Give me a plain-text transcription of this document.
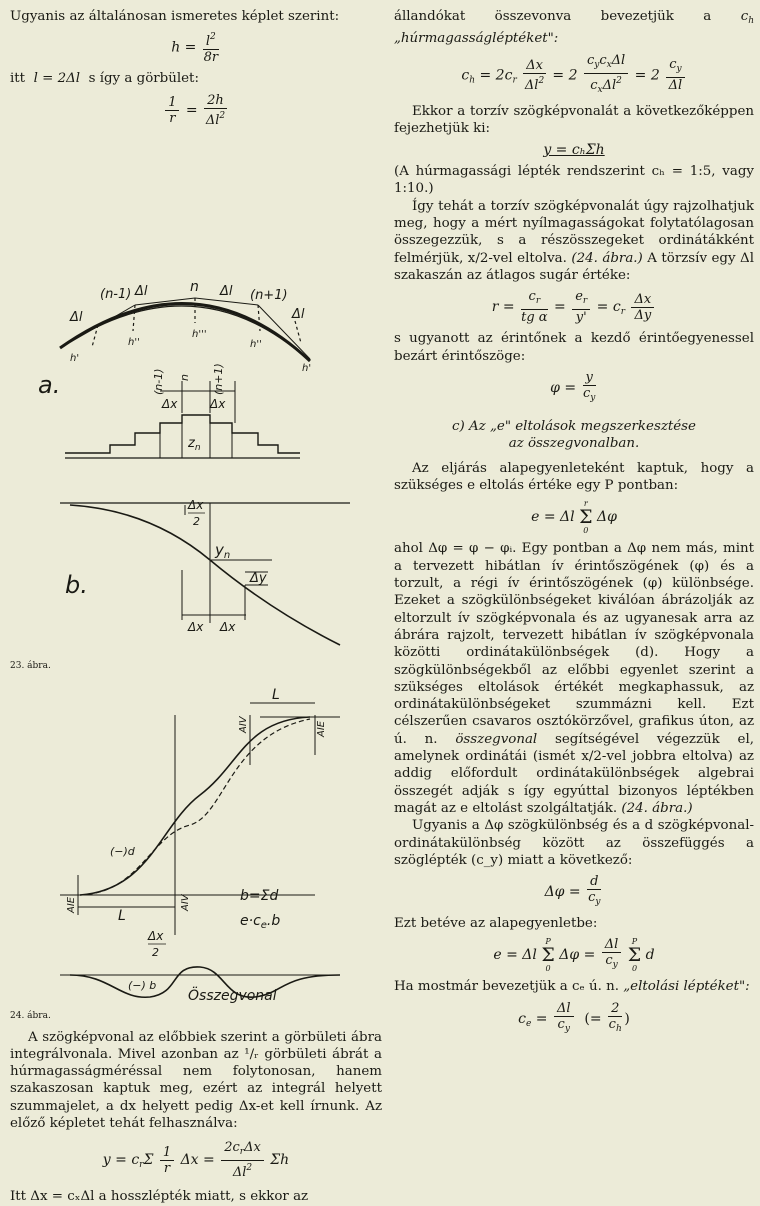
Ugyanis az általánosan ismeretes képlet szerint:

$h = \frac{l^2}{8r}$

itt l = 2Δl s így a görbület:

$\frac{1}{r} = \frac{2h}{\Delta l^2}$
(n-1)
Δl
Δl	n Δl (n+1)
Δl
h'
h''
h'''
h''
h'
a.	(n-1) n (n+1)
Δx	Δx
$z_n$

Δx
2
$y_n$
Δy
Δx Δx
b.
23. ábra.
L
L
AIV	AIE
AIE	AIV
(−)d
b=Σd
$e\cdot c_e.b$
Δx
2
(−) b
Összegvonal
24. ábra.

A szögképvonal az előbbiek szerint a görbületi ábra integrálvonala. Mivel azonban az ¹/ᵣ görbületi ábrát a húrmagasságméréssal nem folytonosan, hanem szakaszosan kaptuk meg, ezért az integrál helyett szummajelet, a dx helyett pedig Δx-et kell írnunk. Az előző képletet tehát felhasználva:

$y = c_r\Sigma \frac{1}{r}$ $\Delta x = \frac{2c_r\Delta x}{\Delta l^2}$ Σh

Itt Δx = cₓΔl a hosszlépték miatt, s ekkor az

állandókat összevonva bevezetjük a $c_h$ „húrmagasságléptéket":

$c_h = 2c_r \frac{\Delta x}{\Delta l^2} = 2 \frac{c_yc_x\Delta l}{c_x\Delta l^2} = 2 \frac{c_y}{\Delta l}$

Ekkor a torzív szögképvonalát a következőképpen fejezhetjük ki:

y = cₕΣh

(A húrmagassági lépték rendszerint cₕ = 1:5, vagy 1:10.)

Így tehát a torzív szögképvonalát úgy rajzolhatjuk meg, hogy a mért nyílmagasságokat folytatólagosan összegezzük, s a részösszegeket ordinátákként felmérjük, x/2-vel eltolva. (24. ábra.) A törzsív egy Δl szakaszán az átlagos sugár értéke:

$r = \frac{c_r}{\text{tg α}} = \frac{e_r}{y'} = c_r \frac{\Delta x}{\Delta y}$

s ugyanott az érintőnek a kezdő érintőegyenessel bezárt érintőszöge:

$\varphi = \frac{y}{c_y}$
c) Az „e" eltolások megszerkesztése
az összegvonalban.

Az eljárás alapegyenleteként kaptuk, hogy a szükséges e eltolás értéke egy P pontban:

e = Δl
r
Σ
0
Δφ

ahol Δφ = φ − φᵢ. Egy pontban a Δφ nem más, mint a tervezett hibátlan ív érintőszögének (φ) és a torzult, a régi ív érintőszögének (φ) különbsége. Ezeket a szögkülönbségeket kiválóan ábrázolják az eltorzult ív szögképvonala és az ugyanesak arra az ábrára rajzolt, tervezett hibátlan ív szögképvonala közötti ordinátakülönbségek (d). Hogy a szögkülönbségekből az előbbi egyenlet szerint a szükséges eltolások értékét megkaphassuk, az ordinátakülönbségeket szummázni kell. Ezt célszerűen csavaros osztókörzővel, grafikus úton, az ú. n. összegvonal segítségével végezzük el, amelynek ordinátái (ismét x/2-vel jobbra eltolva) az addig előfordult ordinátakülönbségek algebrai összegét adják s így egyúttal bizonyos léptékben magát az e eltolást szolgáltatják. (24. ábra.)

Ugyanis a Δφ szögkülönbség és a d szögképvonal-ordinátakülönbség között az összefüggés a szöglépték (c_y) miatt a következő:

$\Delta\varphi = \frac{d}{c_y}$

Ezt betéve az alapegyenletbe:

e = Δl
P
Σ
0
$\Delta\varphi = \frac{\Delta l}{c_y}$
	P
Σ
0
d

Ha mostmár bevezetjük a cₑ ú. n. „eltolási léptéket":

$c_e = \frac{\Delta l}{c_y}$ (= $\frac{2}{c_h}$ )
